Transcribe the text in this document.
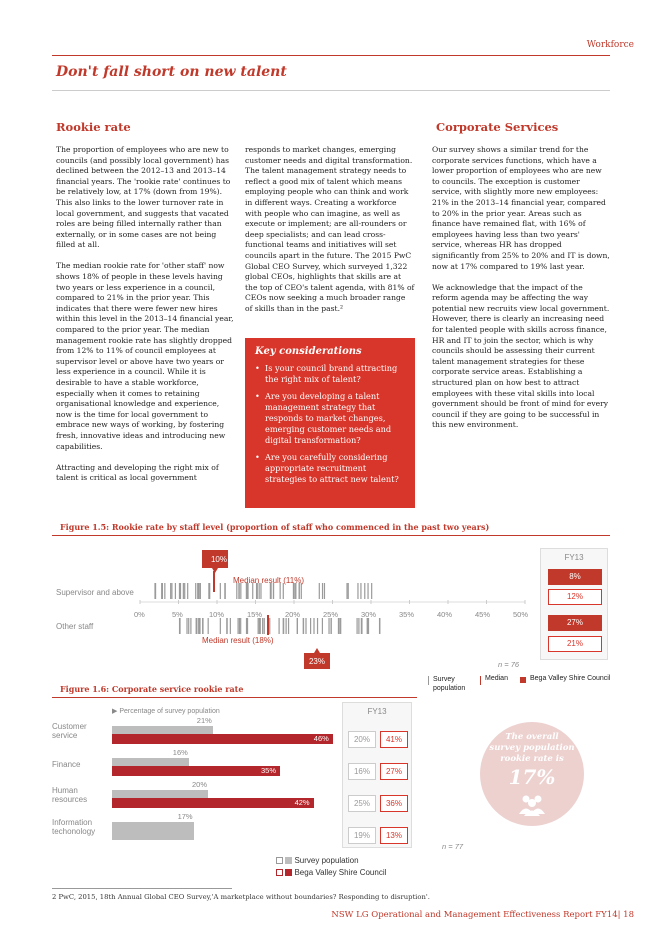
Workforce
Don't fall short on new talent
Rookie rate

The proportion of employees who are new to councils (and possibly local government) has declined between the 2012–13 and 2013–14 financial years. The 'rookie rate' continues to be relatively low, at 17% (down from 19%). This also links to the lower turnover rate in local government, and suggests that vacated roles are being filled internally rather than externally, or in some cases are not being filled at all.

The median rookie rate for 'other staff' now shows 18% of people in these levels having two years or less experience in a council, compared to 21% in the prior year. This indicates that there were fewer new hires within this level in the 2013–14 financial year, compared to the prior year. The median management rookie rate has slightly dropped from 12% to 11% of council employees at supervisor level or above have two years or less experience in a council. While it is desirable to have a stable workforce, especially when it comes to retaining organisational knowledge and experience, now is the time for local government to embrace new ways of working, by fostering fresh, innovative ideas and introducing new capabilities.

Attracting and developing the right mix of talent is critical as local government

responds to market changes, emerging customer needs and digital transformation. The talent management strategy needs to reflect a good mix of talent which means employing people who can think and work in different ways. Creating a workforce with people who can imagine, as well as execute or implement; are all-rounders or deep specialists; and can lead cross-functional teams and initiatives will set councils apart in the future. The 2015 PwC Global CEO Survey, which surveyed 1,322 global CEOs, highlights that skills are at the top of CEO's talent agenda, with 81% of CEOs now seeking a much broader range of skills than in the past.²

Key considerations
• Is your council brand attracting the right mix of talent?
• Are you developing a talent management strategy that responds to market changes, emerging customer needs and digital transformation?
• Are you carefully considering appropriate recruitment strategies to attract new talent?
Corporate Services

Our survey shows a similar trend for the corporate services functions, which have a lower proportion of employees who are new to councils. The exception is customer service, with slightly more new employees: 21% in the 2013–14 financial year, compared to 20% in the prior year. Areas such as finance have remained flat, with 16% of employees having less than two years' service, whereas HR has dropped significantly from 25% to 20% and IT is down, now at 17% compared to 19% last year.

We acknowledge that the impact of the reform agenda may be affecting the way potential new recruits view local government. However, there is clearly an increasing need for talented people with skills across finance, HR and IT to join the sector, which is why councils should be assessing their current talent management strategies for these corporate service areas. Establishing a structured plan on how best to attract employees with these vital skills into local government should be front of mind for every council if they are going to be successful in this new environment.

Figure 1.5: Rookie rate by staff level (proportion of staff who commenced in the past two years)
Supervisor and above
Other staff
10%
23%
Median result (11%)
Median result (18%)
0%	5%	10%	15%	20%	25%	30%	35%	40%	45%	50%
FY13
8%
12%
27%
21%
n = 76
Survey population
Median	Bega Valley Shire Council
Figure 1.6: Corporate service rookie rate
▶ Percentage of survey population
Customer service
21%
46%
Finance
16%
35%
Human resources
20%
42%
Information techonology
17%
FY13
20%	41%
16%	27%
25%	36%
19%	13%
The overall
survey population
rookie rate is
17%
n = 77
Survey population
Bega Valley Shire Council
2 PwC, 2015, 18th Annual Global CEO Survey,'A marketplace without boundaries? Responding to disruption'.
NSW LG Operational and Management Effectiveness Report FY14| 18
